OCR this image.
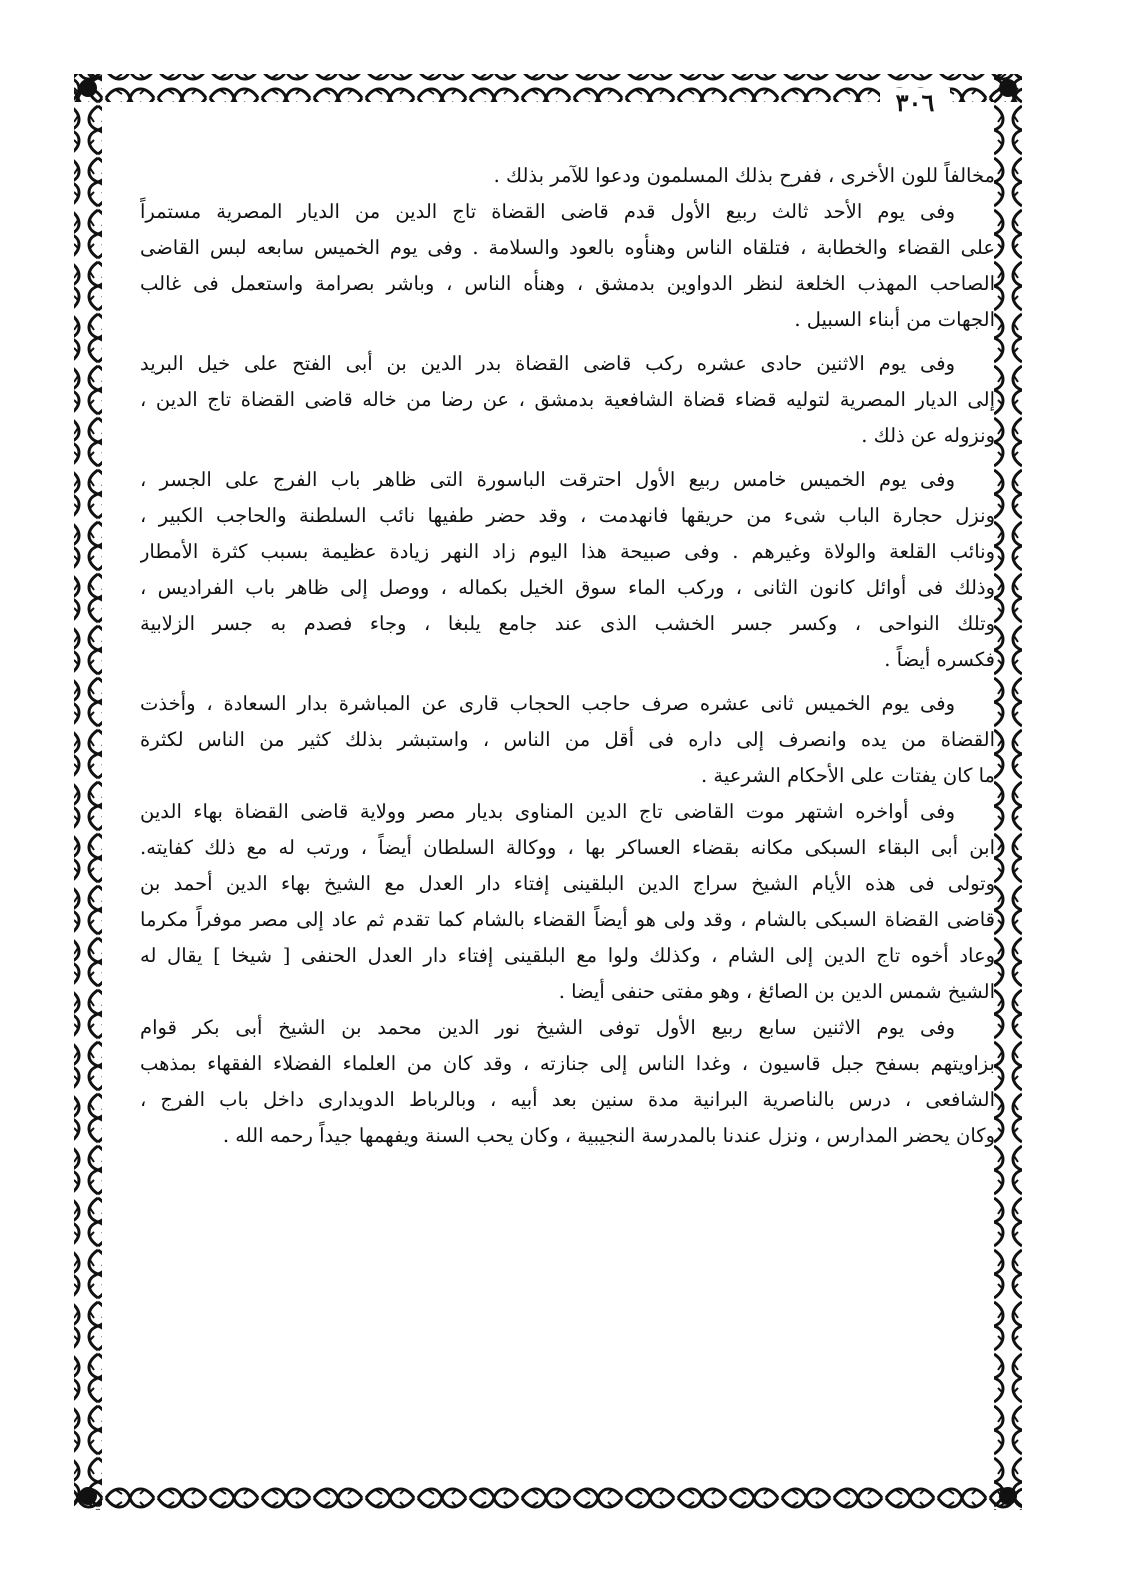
٣٠٦
مخالفاً للون الأخرى ، ففرح بذلك المسلمون ودعوا للآمر بذلك .
وفى يوم الأحد ثالث ربيع الأول قدم قاضى القضاة تاج الدين من الديار المصرية مستمراً
على القضاء والخطابة ، فتلقاه الناس وهنأوه بالعود والسلامة . وفى يوم الخميس سابعه لبس القاضى
الصاحب المهذب الخلعة لنظر الدواوين بدمشق ، وهنأه الناس ، وباشر بصرامة واستعمل فى غالب
الجهات من أبناء السبيل .
وفى يوم الاثنين حادى عشره ركب قاضى القضاة بدر الدين بن أبى الفتح على خيل البريد
إلى الديار المصرية لتوليه قضاء قضاة الشافعية بدمشق ، عن رضا من خاله قاضى القضاة تاج الدين ،
ونزوله عن ذلك .
وفى يوم الخميس خامس ربيع الأول احترقت الباسورة التى ظاهر باب الفرج على الجسر ،
ونزل حجارة الباب شىء من حريقها فانهدمت ، وقد حضر طفيها نائب السلطنة والحاجب الكبير ،
ونائب القلعة والولاة وغيرهم . وفى صبيحة هذا اليوم زاد النهر زيادة عظيمة بسبب كثرة الأمطار
وذلك فى أوائل كانون الثانى ، وركب الماء سوق الخيل بكماله ، ووصل إلى ظاهر باب الفراديس ،
وتلك النواحى ، وكسر جسر الخشب الذى عند جامع يلبغا ، وجاء فصدم به جسر الزلابية
فكسره أيضاً .
وفى يوم الخميس ثانى عشره صرف حاجب الحجاب قارى عن المباشرة بدار السعادة ، وأخذت
القضاة من يده وانصرف إلى داره فى أقل من الناس ، واستبشر بذلك كثير من الناس لكثرة
ما كان يفتات على الأحكام الشرعية .
وفى أواخره اشتهر موت القاضى تاج الدين المناوى بديار مصر وولاية قاضى القضاة بهاء الدين
ابن أبى البقاء السبكى مكانه بقضاء العساكر بها ، ووكالة السلطان أيضاً ، ورتب له مع ذلك كفايته.
وتولى فى هذه الأيام الشيخ سراج الدين البلقينى إفتاء دار العدل مع الشيخ بهاء الدين أحمد بن
قاضى القضاة السبكى بالشام ، وقد ولى هو أيضاً القضاء بالشام كما تقدم ثم عاد إلى مصر موفراً مكرما
وعاد أخوه تاج الدين إلى الشام ، وكذلك ولوا مع البلقينى إفتاء دار العدل الحنفى [ شيخا ] يقال له
الشيخ شمس الدين بن الصائغ ، وهو مفتى حنفى أيضا .
وفى يوم الاثنين سابع ربيع الأول توفى الشيخ نور الدين محمد بن الشيخ أبى بكر قوام
بزاويتهم بسفح جبل قاسيون ، وغدا الناس إلى جنازته ، وقد كان من العلماء الفضلاء الفقهاء بمذهب
الشافعى ، درس بالناصرية البرانية مدة سنين بعد أبيه ، وبالرباط الدويدارى داخل باب الفرج ،
وكان يحضر المدارس ، ونزل عندنا بالمدرسة النجيبية ، وكان يحب السنة ويفهمها جيداً رحمه الله .
